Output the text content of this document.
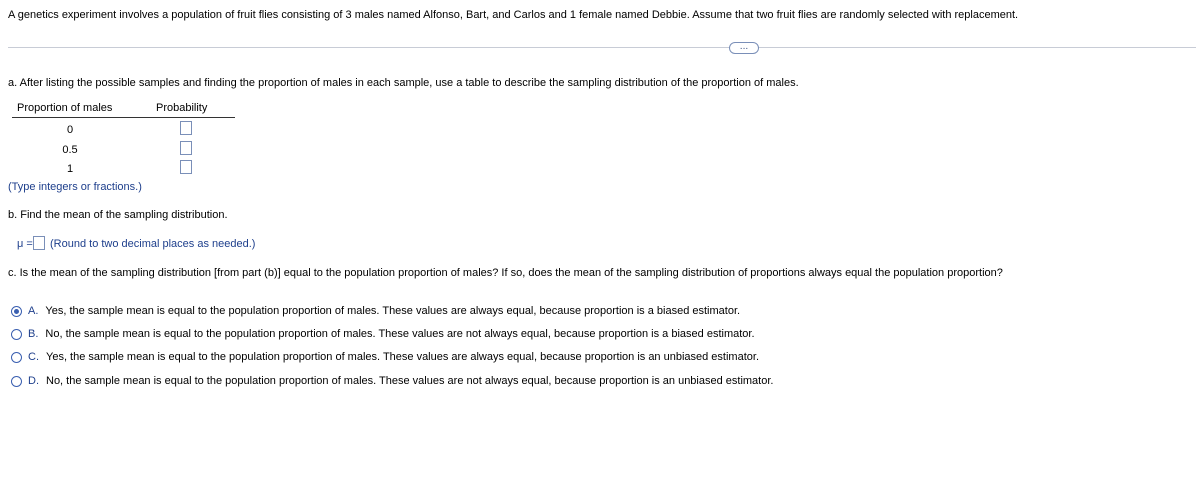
A genetics experiment involves a population of fruit flies consisting of 3 males named Alfonso, Bart, and Carlos and 1 female named Debbie. Assume that two fruit flies are randomly selected with replacement.
...
a. After listing the possible samples and finding the proportion of males in each sample, use a table to describe the sampling distribution of the proportion of males.
Proportion of males	Probability
0
0.5
1
(Type integers or fractions.)
b. Find the mean of the sampling distribution.
μ = (Round to two decimal places as needed.)
c. Is the mean of the sampling distribution [from part (b)] equal to the population proportion of males? If so, does the mean of the sampling distribution of proportions always equal the population proportion?
A. Yes, the sample mean is equal to the population proportion of males. These values are always equal, because proportion is a biased estimator.
B. No, the sample mean is equal to the population proportion of males. These values are not always equal, because proportion is a biased estimator.
C. Yes, the sample mean is equal to the population proportion of males. These values are always equal, because proportion is an unbiased estimator.
D. No, the sample mean is equal to the population proportion of males. These values are not always equal, because proportion is an unbiased estimator.
